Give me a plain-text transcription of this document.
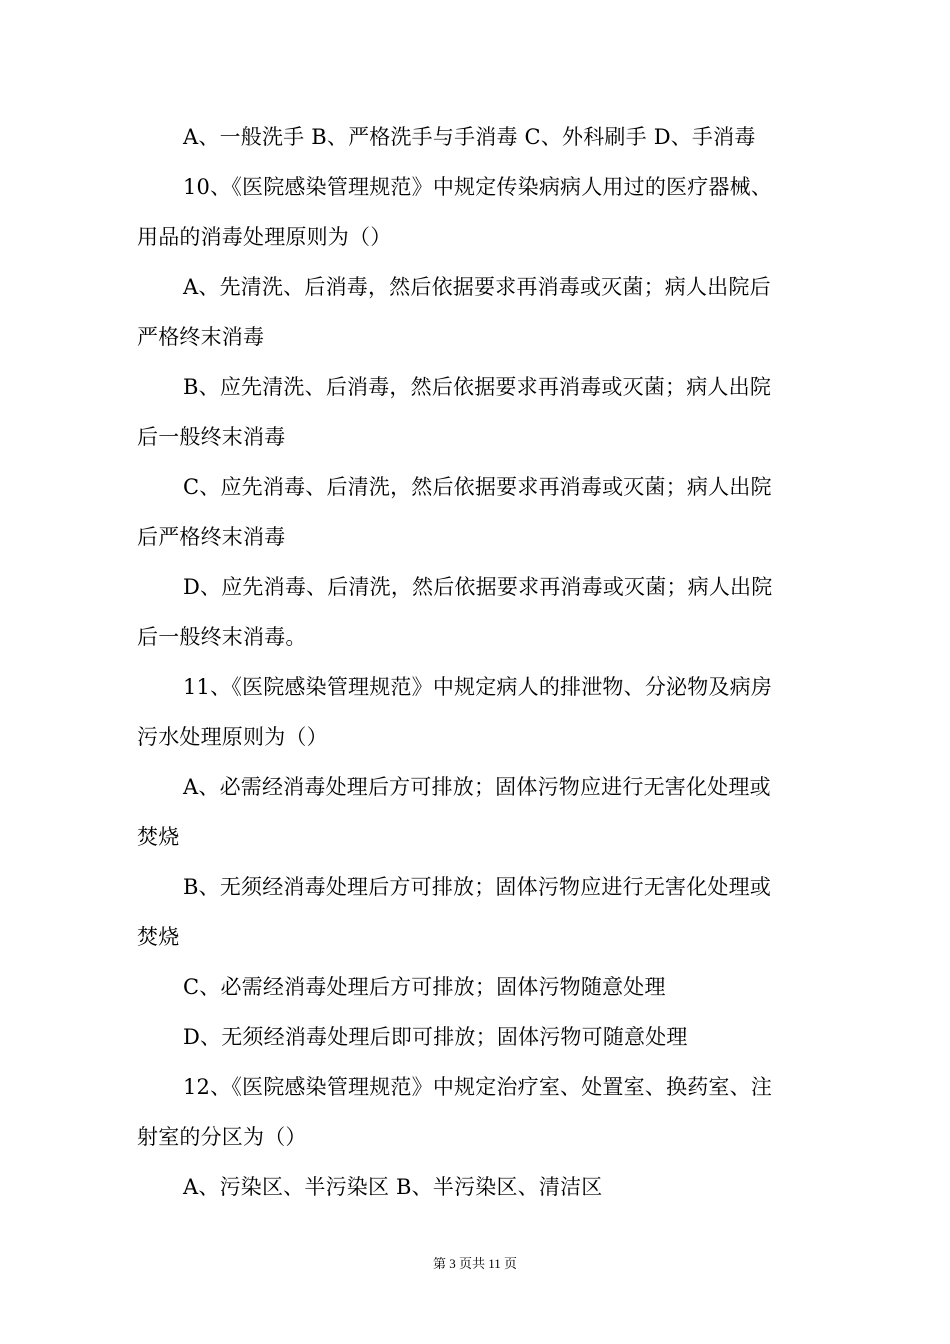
A、一般洗手 B、严格洗手与手消毒 C、外科刷手 D、手消毒
10、《医院感染管理规范》中规定传染病病人用过的医疗器械、
用品的消毒处理原则为（）
A、先清洗、后消毒，然后依据要求再消毒或灭菌；病人出院后
严格终末消毒
B、应先清洗、后消毒，然后依据要求再消毒或灭菌；病人出院
后一般终末消毒
C、应先消毒、后清洗，然后依据要求再消毒或灭菌；病人出院
后严格终末消毒
D、应先消毒、后清洗，然后依据要求再消毒或灭菌；病人出院
后一般终末消毒。
11、《医院感染管理规范》中规定病人的排泄物、分泌物及病房
污水处理原则为（）
A、必需经消毒处理后方可排放；固体污物应进行无害化处理或
焚烧
B、无须经消毒处理后方可排放；固体污物应进行无害化处理或
焚烧
C、必需经消毒处理后方可排放；固体污物随意处理
D、无须经消毒处理后即可排放；固体污物可随意处理
12、《医院感染管理规范》中规定治疗室、处置室、换药室、注
射室的分区为（）
A、污染区、半污染区 B、半污染区、清洁区
第 3 页共 11 页
